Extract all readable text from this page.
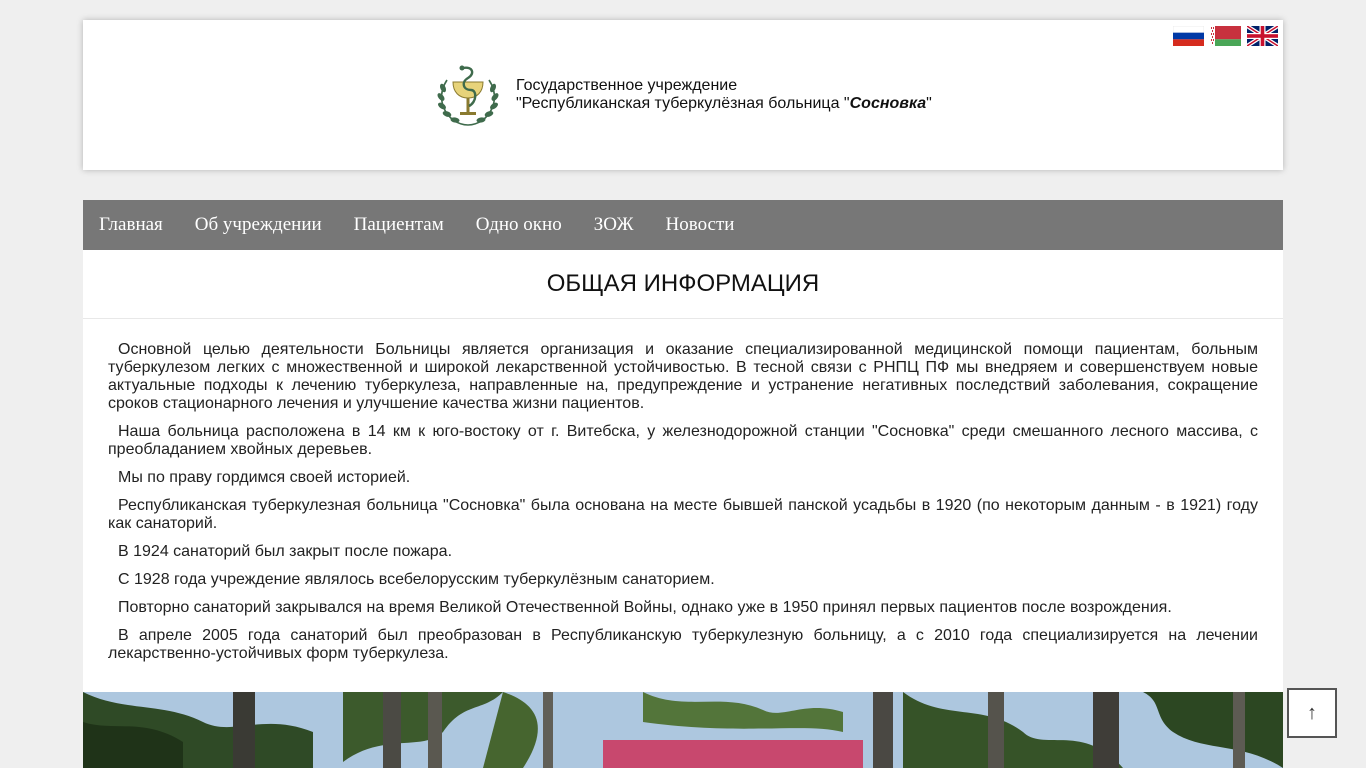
Государственное учреждение
"Республиканская туберкулёзная больница "Сосновка"
Главная	Об учреждении	Пациентам	Одно окно	ЗОЖ	Новости
ОБЩАЯ ИНФОРМАЦИЯ

Основной целью деятельности Больницы является организация и оказание специализированной медицинской помощи пациентам, больным туберкулезом легких с множественной и широкой лекарственной устойчивостью. В тесной связи с РНПЦ ПФ мы внедряем и совершенствуем новые актуальные подходы к лечению туберкулеза, направленные на, предупреждение и устранение негативных последствий заболевания, сокращение сроков стационарного лечения и улучшение качества жизни пациентов.

Наша больница расположена в 14 км к юго-востоку от г. Витебска, у железнодорожной станции "Сосновка" среди смешанного лесного массива, с преобладанием хвойных деревьев.

Мы по праву гордимся своей историей.

Республиканская туберкулезная больница "Сосновка" была основана на месте бывшей панской усадьбы в 1920 (по некоторым данным - в 1921) году как санаторий.

В 1924 санаторий был закрыт после пожара.

С 1928 года учреждение являлось всебелорусским туберкулёзным санаторием.

Повторно санаторий закрывался на время Великой Отечественной Войны, однако уже в 1950 принял первых пациентов после возрождения.

В апреле 2005 года санаторий был преобразован в Республиканскую туберкулезную больницу, а с 2010 года специализируется на лечении лекарственно-устойчивых форм туберкулеза.

↑
